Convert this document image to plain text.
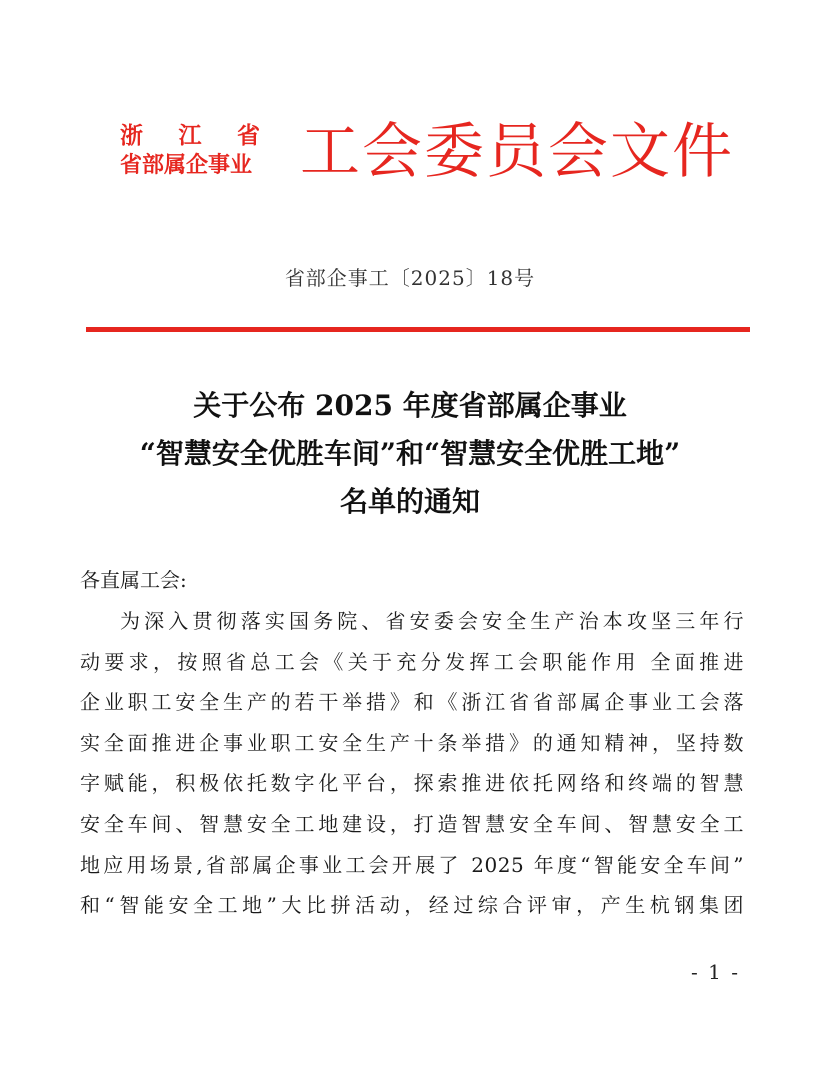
浙 江 省
省部属企事业 工会委员会文件
省部企事工〔2025〕18号
关于公布 2025 年度省部属企事业
“智慧安全优胜车间”和“智慧安全优胜工地”
名单的通知
各直属工会:
为深入贯彻落实国务院、省安委会安全生产治本攻坚三年行
动要求，按照省总工会《关于充分发挥工会职能作用 全面推进
企业职工安全生产的若干举措》和《浙江省省部属企事业工会落
实全面推进企事业职工安全生产十条举措》的通知精神，坚持数
字赋能，积极依托数字化平台，探索推进依托网络和终端的智慧
安全车间、智慧安全工地建设，打造智慧安全车间、智慧安全工
地应用场景,省部属企事业工会开展了 2025 年度“智能安全车间”
和“智能安全工地”大比拼活动，经过综合评审，产生杭钢集团
- 1 -
